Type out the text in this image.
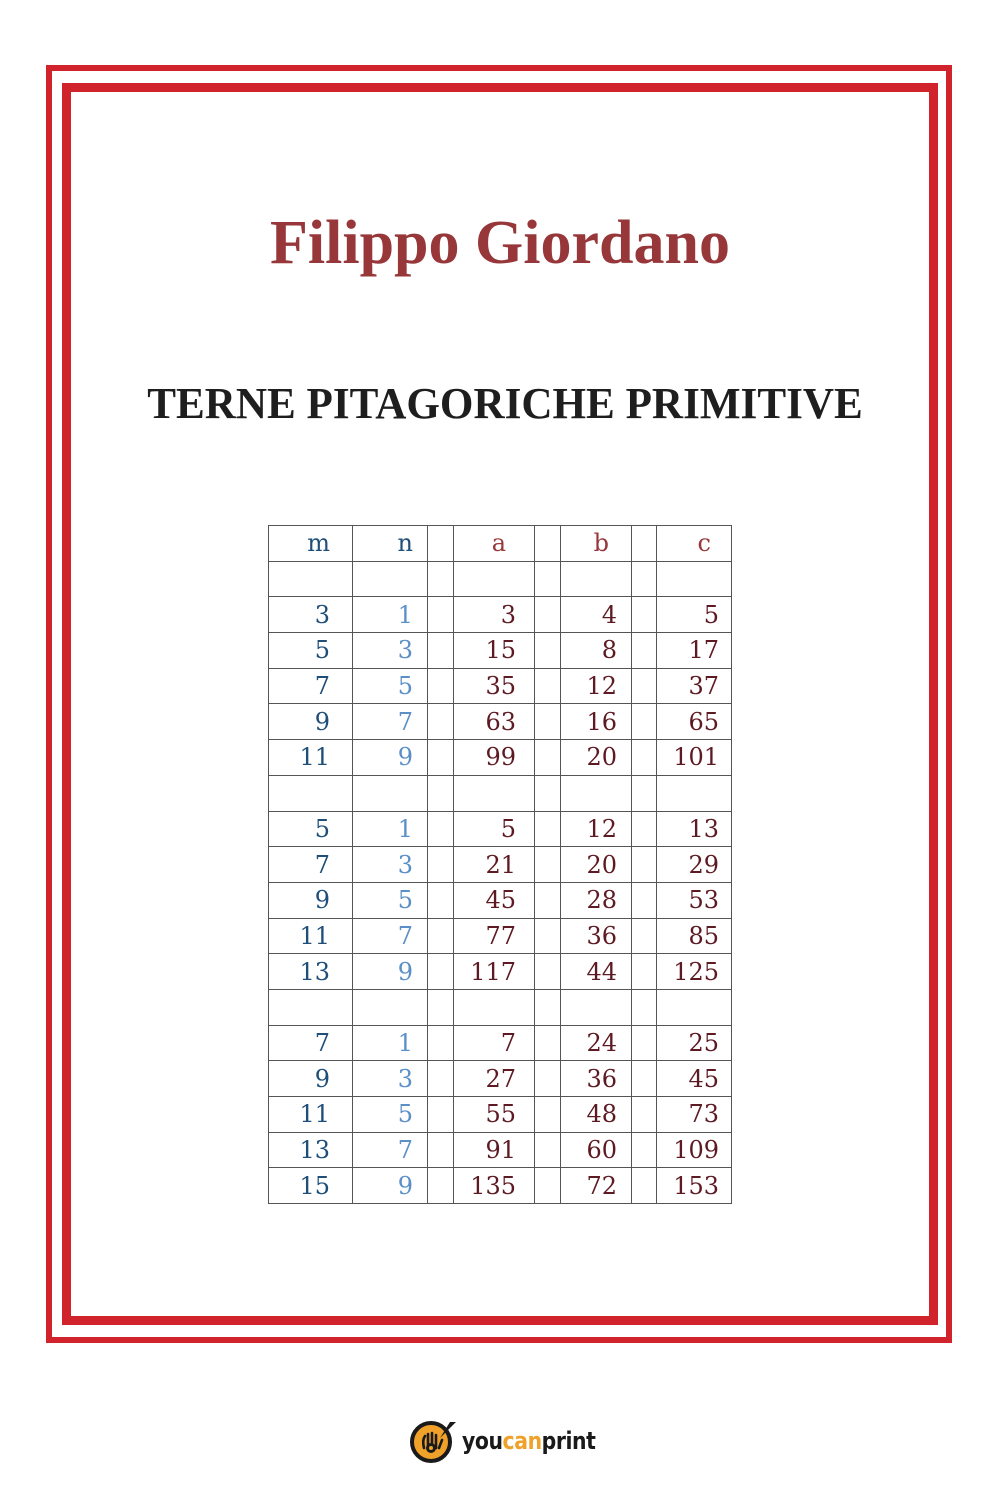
Filippo Giordano
TERNE PITAGORICHE PRIMITIVE
m	n		a		b		c

3	1		3		4		5
5	3		15		8		17
7	5		35		12		37
9	7		63		16		65
11	9		99		20		101

5	1		5		12		13
7	3		21		20		29
9	5		45		28		53
11	7		77		36		85
13	9		117		44		125

7	1		7		24		25
9	3		27		36		45
11	5		55		48		73
13	7		91		60		109
15	9		135		72		153
youcanprint
